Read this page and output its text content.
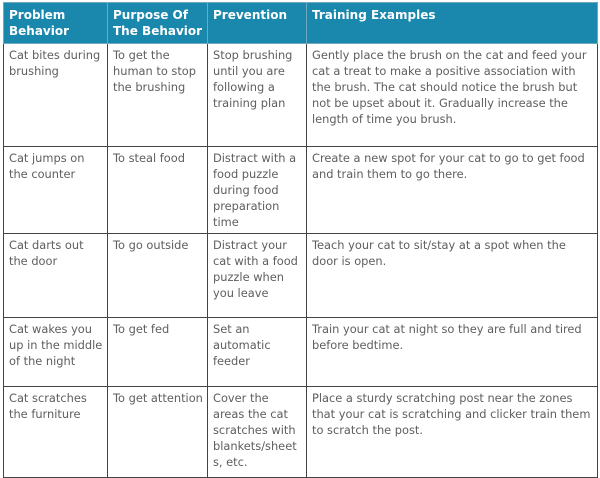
Problem Behavior	Purpose Of The Behavior	Prevention	Training Examples
Cat bites during brushing	To get the human to stop the brushing	Stop brushing until you are following a training plan	Gently place the brush on the cat and feed your cat a treat to make a positive association with the brush. The cat should notice the brush but not be upset about it. Gradually increase the length of time you brush.
Cat jumps on the counter	To steal food	Distract with a food puzzle during food preparation time	Create a new spot for your cat to go to get food and train them to go there.
Cat darts out the door	To go outside	Distract your cat with a food puzzle when you leave	Teach your cat to sit/stay at a spot when the door is open.
Cat wakes you up in the middle of the night	To get fed	Set an automatic feeder	Train your cat at night so they are full and tired before bedtime.
Cat scratches the furniture	To get attention	Cover the areas the cat scratches with blankets/sheets, etc.	Place a sturdy scratching post near the zones that your cat is scratching and clicker train them to scratch the post.
